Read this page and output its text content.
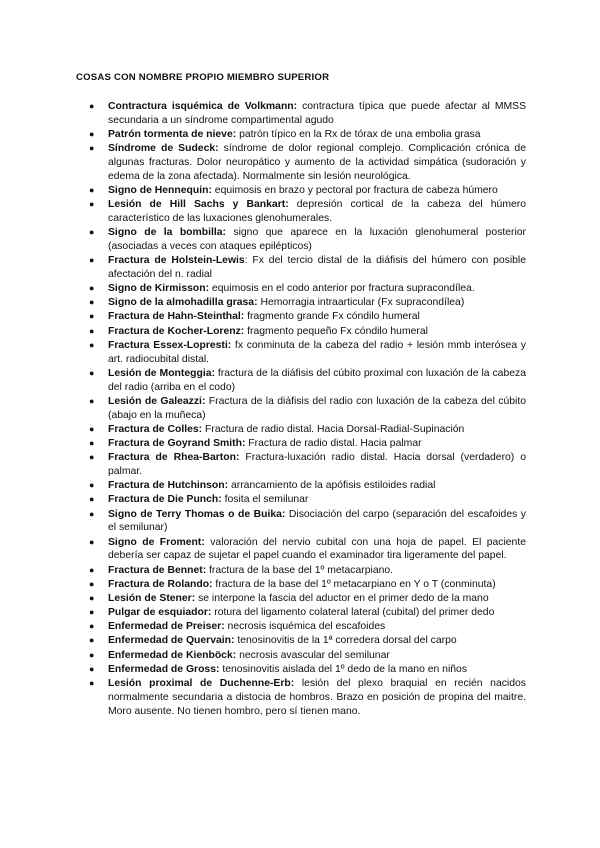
COSAS CON NOMBRE PROPIO MIEMBRO SUPERIOR
● Contractura isquémica de Volkmann: contractura típica que puede afectar al MMSS secundaria a un síndrome compartimental agudo
● Patrón tormenta de nieve: patrón típico en la Rx de tórax de una embolia grasa
● Síndrome de Sudeck: síndrome de dolor regional complejo. Complicación crónica de algunas fracturas. Dolor neuropático y aumento de la actividad simpática (sudoración y edema de la zona afectada). Normalmente sin lesión neurológica.
● Signo de Hennequin: equimosis en brazo y pectoral por fractura de cabeza húmero
● Lesión de Hill Sachs y Bankart: depresión cortical de la cabeza del húmero característico de las luxaciones glenohumerales.
● Signo de la bombilla: signo que aparece en la luxación glenohumeral posterior (asociadas a veces con ataques epilépticos)
● Fractura de Holstein-Lewis: Fx del tercio distal de la diáfisis del húmero con posible afectación del n. radial
● Signo de Kirmisson: equimosis en el codo anterior por fractura supracondílea.
● Signo de la almohadilla grasa: Hemorragia intraarticular (Fx supracondílea)
● Fractura de Hahn-Steinthal: fragmento grande Fx cóndilo humeral
● Fractura de Kocher-Lorenz: fragmento pequeño Fx cóndilo humeral
● Fractura Essex-Lopresti: fx conminuta de la cabeza del radio + lesión mmb interósea y art. radiocubital distal.
● Lesión de Monteggia: fractura de la diáfisis del cúbito proximal con luxación de la cabeza del radio (arriba en el codo)
● Lesión de Galeazzi: Fractura de la diáfisis del radio con luxación de la cabeza del cúbito (abajo en la muñeca)
● Fractura de Colles: Fractura de radio distal. Hacia Dorsal-Radial-Supinación
● Fractura de Goyrand Smith: Fractura de radio distal. Hacia palmar
● Fractura de Rhea-Barton: Fractura-luxación radio distal. Hacia dorsal (verdadero) o palmar.
● Fractura de Hutchinson: arrancamiento de la apófisis estiloides radial
● Fractura de Die Punch: fosita el semilunar
● Signo de Terry Thomas o de Buika: Disociación del carpo (separación del escafoides y el semilunar)
● Signo de Froment: valoración del nervio cubital con una hoja de papel. El paciente debería ser capaz de sujetar el papel cuando el examinador tira ligeramente del papel.
● Fractura de Bennet: fractura de la base del 1º metacarpiano.
● Fractura de Rolando: fractura de la base del 1º metacarpiano en Y o T (conminuta)
● Lesión de Stener: se interpone la fascia del aductor en el primer dedo de la mano
● Pulgar de esquiador: rotura del ligamento colateral lateral (cubital) del primer dedo
● Enfermedad de Preiser: necrosis isquémica del escafoides
● Enfermedad de Quervain: tenosinovitis de la 1ª corredera dorsal del carpo
● Enfermedad de Kienböck: necrosis avascular del semilunar
● Enfermedad de Gross: tenosinovitis aislada del 1º dedo de la mano en niños
● Lesión proximal de Duchenne-Erb: lesión del plexo braquial en recién nacidos normalmente secundaria a distocia de hombros. Brazo en posición de propina del maitre. Moro ausente. No tienen hombro, pero sí tienen mano.
